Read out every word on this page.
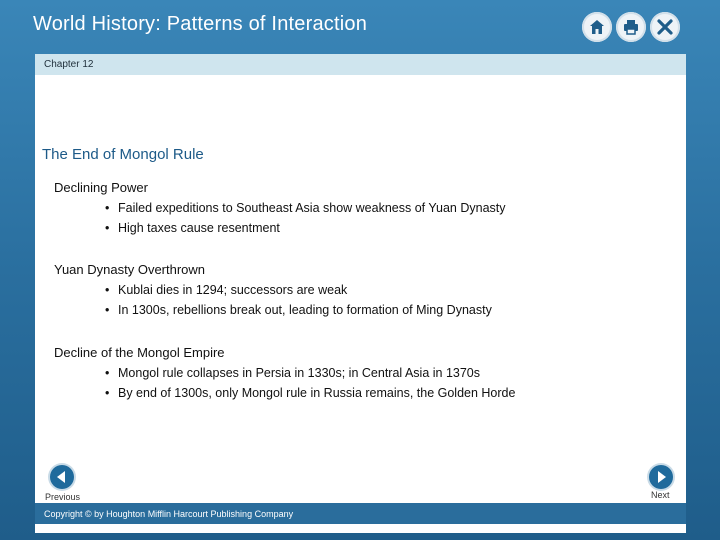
World History: Patterns of Interaction
Chapter 12
The End of Mongol Rule
Declining Power
• Failed expeditions to Southeast Asia show weakness of Yuan Dynasty
• High taxes cause resentment
Yuan Dynasty Overthrown
• Kublai dies in 1294; successors are weak
• In 1300s, rebellions break out, leading to formation of Ming Dynasty
Decline of the Mongol Empire
• Mongol rule collapses in Persia in 1330s; in Central Asia in 1370s
• By end of 1300s, only Mongol rule in Russia remains, the Golden Horde
Previous	Next
Copyright © by Houghton Mifflin Harcourt Publishing Company
